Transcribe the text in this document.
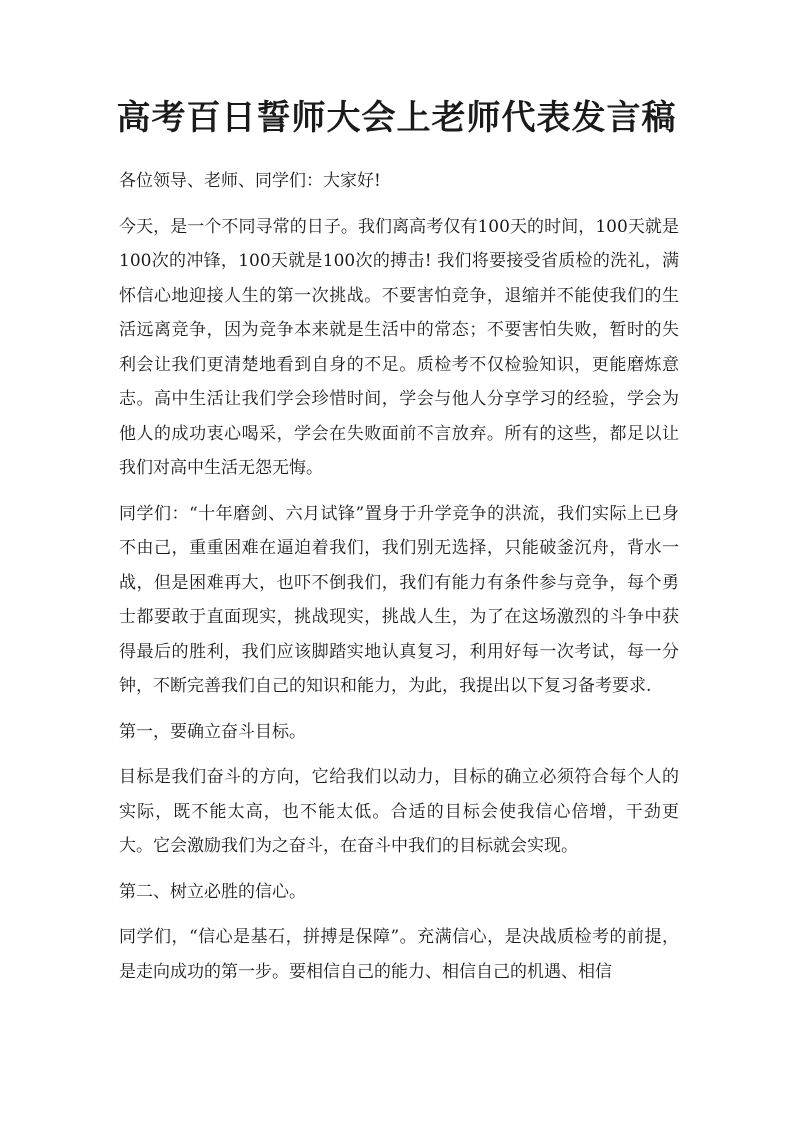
高考百日誓师大会上老师代表发言稿

各位领导、老师、同学们：大家好!

今天，是一个不同寻常的日子。我们离高考仅有100天的时间，100天就是100次的冲锋，100天就是100次的搏击! 我们将要接受省质检的洗礼，满怀信心地迎接人生的第一次挑战。不要害怕竞争，退缩并不能使我们的生活远离竞争，因为竞争本来就是生活中的常态；不要害怕失败，暂时的失利会让我们更清楚地看到自身的不足。质检考不仅检验知识，更能磨炼意志。高中生活让我们学会珍惜时间，学会与他人分享学习的经验，学会为他人的成功衷心喝采，学会在失败面前不言放弃。所有的这些，都足以让我们对高中生活无怨无悔。

同学们：“十年磨剑、六月试锋”置身于升学竞争的洪流，我们实际上已身不由己，重重困难在逼迫着我们，我们别无选择，只能破釜沉舟，背水一战，但是困难再大，也吓不倒我们，我们有能力有条件参与竞争，每个勇士都要敢于直面现实，挑战现实，挑战人生，为了在这场激烈的斗争中获得最后的胜利，我们应该脚踏实地认真复习，利用好每一次考试，每一分钟，不断完善我们自己的知识和能力，为此，我提出以下复习备考要求.

第一，要确立奋斗目标。

目标是我们奋斗的方向，它给我们以动力，目标的确立必须符合每个人的实际，既不能太高，也不能太低。合适的目标会使我信心倍增，干劲更大。它会激励我们为之奋斗，在奋斗中我们的目标就会实现。

第二、树立必胜的信心。

同学们，“信心是基石，拼搏是保障”。充满信心，是决战质检考的前提，是走向成功的第一步。要相信自己的能力、相信自己的机遇、相信
